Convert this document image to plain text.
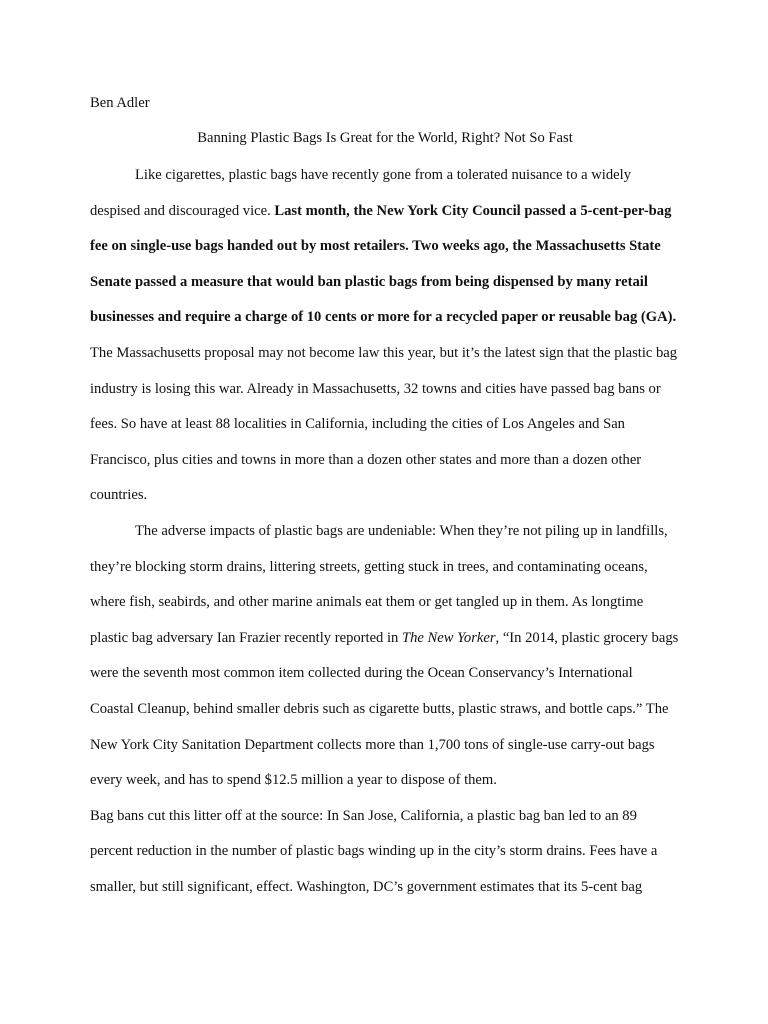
Ben Adler

Banning Plastic Bags Is Great for the World, Right? Not So Fast

Like cigarettes, plastic bags have recently gone from a tolerated nuisance to a widely despised and discouraged vice. Last month, the New York City Council passed a 5-cent-per-bag fee on single-use bags handed out by most retailers. Two weeks ago, the Massachusetts State Senate passed a measure that would ban plastic bags from being dispensed by many retail businesses and require a charge of 10 cents or more for a recycled paper or reusable bag (GA). The Massachusetts proposal may not become law this year, but it’s the latest sign that the plastic bag industry is losing this war. Already in Massachusetts, 32 towns and cities have passed bag bans or fees. So have at least 88 localities in California, including the cities of Los Angeles and San Francisco, plus cities and towns in more than a dozen other states and more than a dozen other countries.

The adverse impacts of plastic bags are undeniable: When they’re not piling up in landfills, they’re blocking storm drains, littering streets, getting stuck in trees, and contaminating oceans, where fish, seabirds, and other marine animals eat them or get tangled up in them. As longtime plastic bag adversary Ian Frazier recently reported in The New Yorker, “In 2014, plastic grocery bags were the seventh most common item collected during the Ocean Conservancy’s International Coastal Cleanup, behind smaller debris such as cigarette butts, plastic straws, and bottle caps.” The New York City Sanitation Department collects more than 1,700 tons of single-use carry-out bags every week, and has to spend $12.5 million a year to dispose of them.

Bag bans cut this litter off at the source: In San Jose, California, a plastic bag ban led to an 89 percent reduction in the number of plastic bags winding up in the city’s storm drains. Fees have a smaller, but still significant, effect. Washington, DC’s government estimates that its 5-cent bag
